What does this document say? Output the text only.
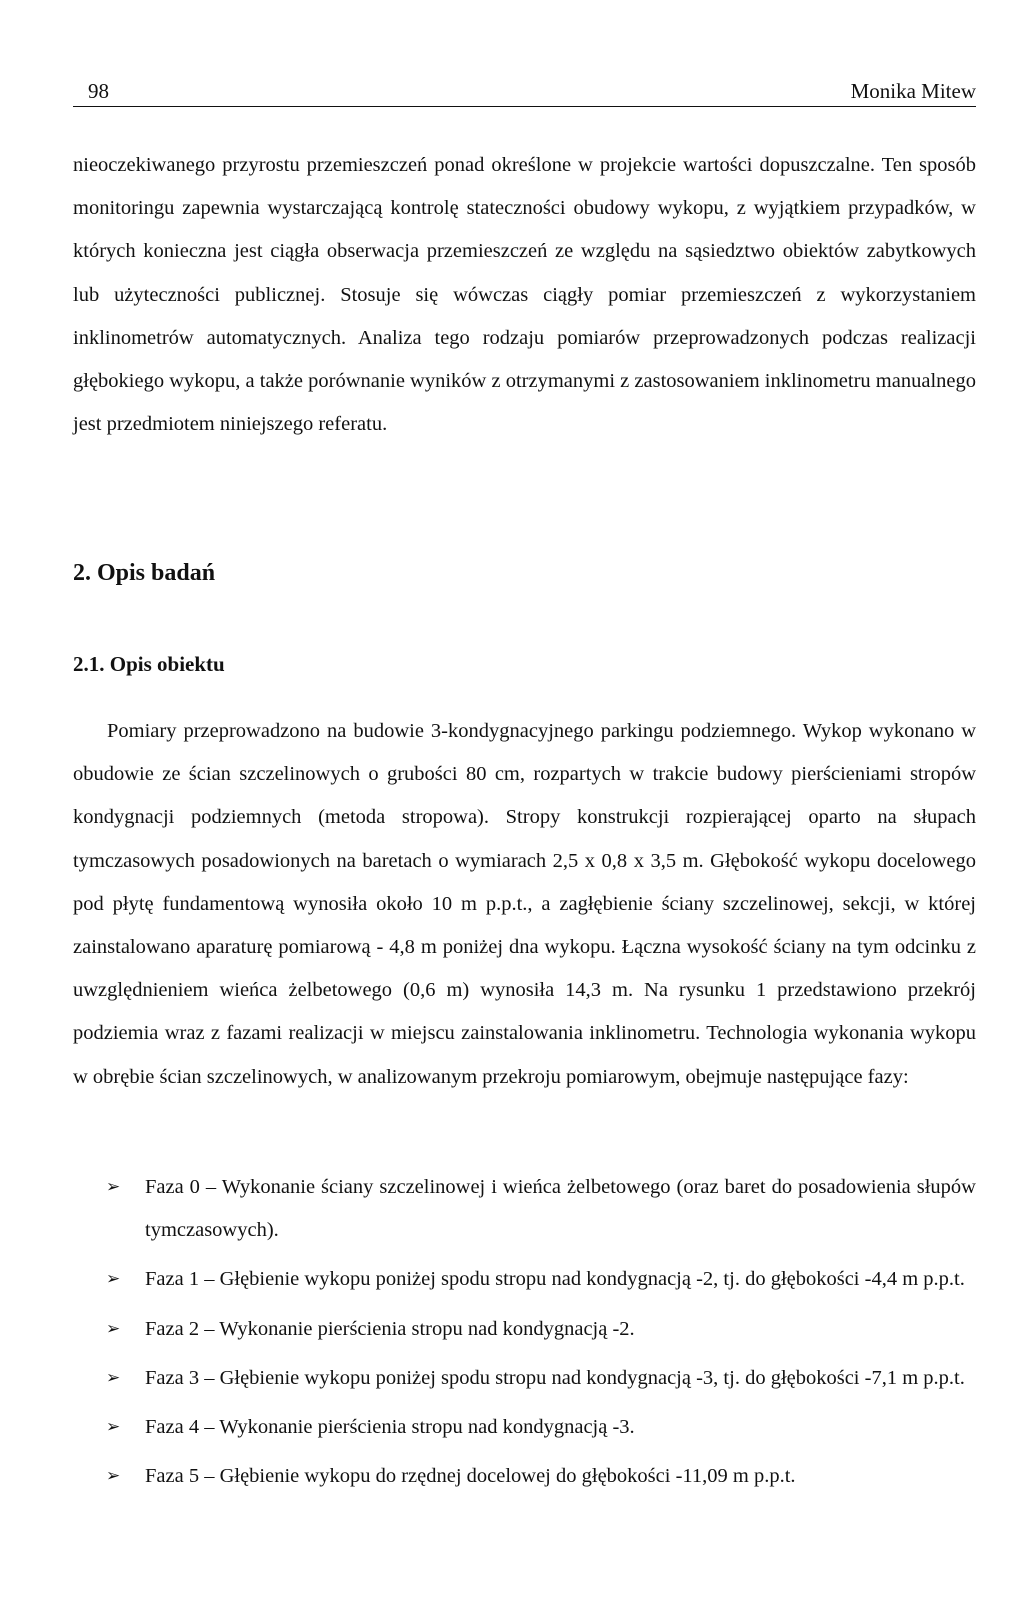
98	Monika Mitew

nieoczekiwanego przyrostu przemieszczeń ponad określone w projekcie wartości dopuszczalne. Ten sposób monitoringu zapewnia wystarczającą kontrolę stateczności obudowy wykopu, z wyjątkiem przypadków, w których konieczna jest ciągła obserwacja przemieszczeń ze względu na sąsiedztwo obiektów zabytkowych lub użyteczności publicznej. Stosuje się wówczas ciągły pomiar przemieszczeń z wykorzystaniem inklinometrów automatycznych. Analiza tego rodzaju pomiarów przeprowadzonych podczas realizacji głębokiego wykopu, a także porównanie wyników z otrzymanymi z zastosowaniem inklinometru manualnego jest przedmiotem niniejszego referatu.

2. Opis badań
2.1. Opis obiektu

Pomiary przeprowadzono na budowie 3-kondygnacyjnego parkingu podziemnego. Wykop wykonano w obudowie ze ścian szczelinowych o grubości 80 cm, rozpartych w trakcie budowy pierścieniami stropów kondygnacji podziemnych (metoda stropowa). Stropy konstrukcji rozpierającej oparto na słupach tymczasowych posadowionych na baretach o wymiarach 2,5 x 0,8 x 3,5 m. Głębokość wykopu docelowego pod płytę fundamentową wynosiła około 10 m p.p.t., a zagłębienie ściany szczelinowej, sekcji, w której zainstalowano aparaturę pomiarową - 4,8 m poniżej dna wykopu. Łączna wysokość ściany na tym odcinku z uwzględnieniem wieńca żelbetowego (0,6 m) wynosiła 14,3 m. Na rysunku 1 przedstawiono przekrój podziemia wraz z fazami realizacji w miejscu zainstalowania inklinometru. Technologia wykonania wykopu w obrębie ścian szczelinowych, w analizowanym przekroju pomiarowym, obejmuje następujące fazy:

➢ Faza 0 – Wykonanie ściany szczelinowej i wieńca żelbetowego (oraz baret do posadowienia słupów tymczasowych).
➢ Faza 1 – Głębienie wykopu poniżej spodu stropu nad kondygnacją -2, tj. do głębokości -4,4 m p.p.t.
➢ Faza 2 – Wykonanie pierścienia stropu nad kondygnacją -2.
➢ Faza 3 – Głębienie wykopu poniżej spodu stropu nad kondygnacją -3, tj. do głębokości -7,1 m p.p.t.
➢ Faza 4 – Wykonanie pierścienia stropu nad kondygnacją -3.
➢ Faza 5 – Głębienie wykopu do rzędnej docelowej do głębokości -11,09 m p.p.t.
